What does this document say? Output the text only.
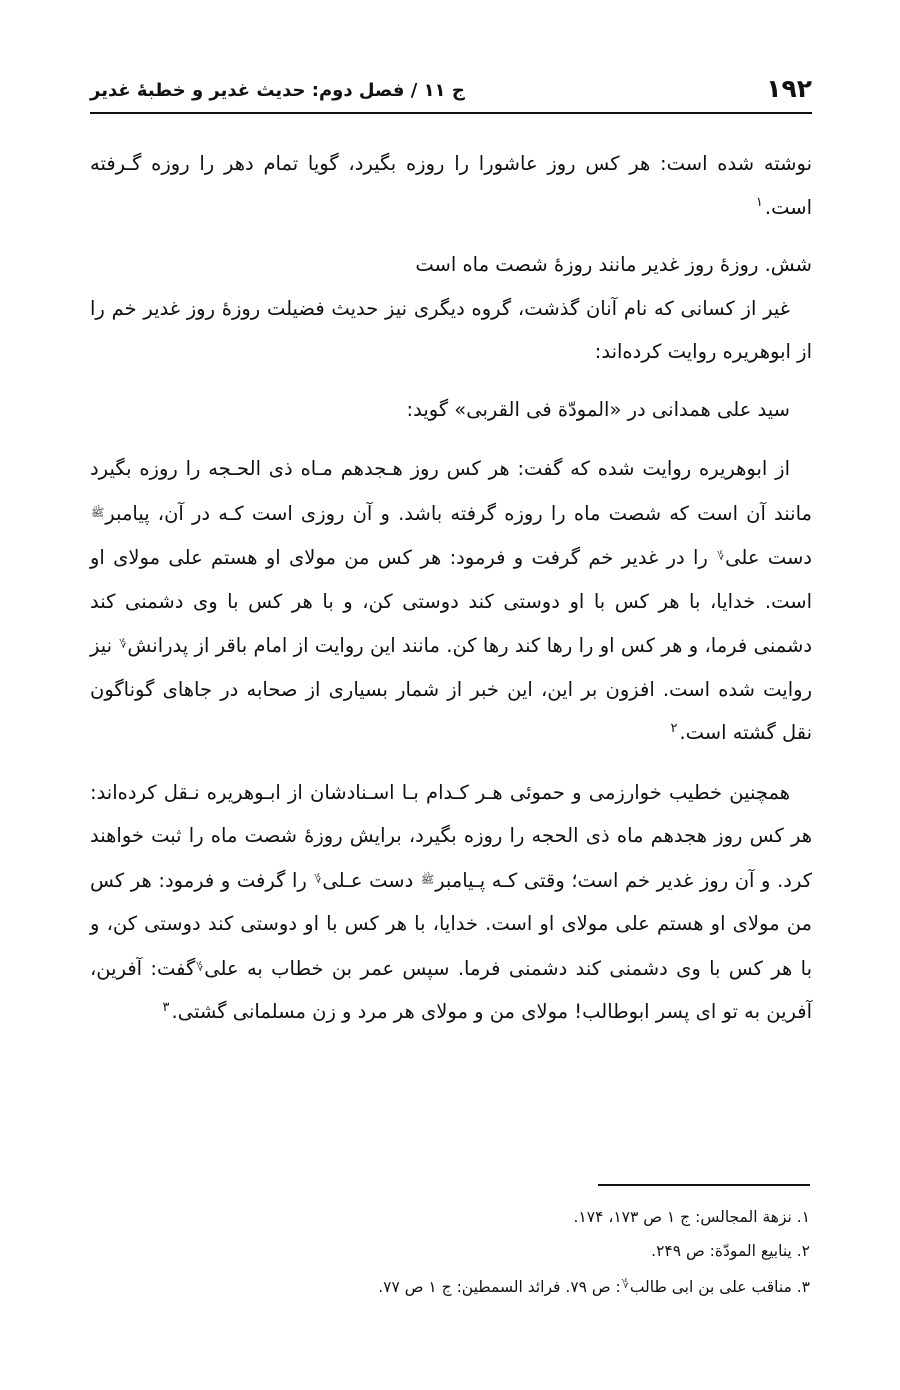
۱۹۲
ج ۱۱ / فصل دوم: حدیث غدیر و خطبهٔ غدیر

نوشته شده است: هر کس روز عاشورا را روزه بگیرد، گویا تمام دهر را روزه گـرفته است.$^۱$

شش. روزهٔ روز غدیر مانند روزهٔ شصت ماه است

غیر از کسانی که نام آنان گذشت، گروه دیگری نیز حدیث فضیلت روزهٔ روز غدیر خم را از ابوهریره روایت کرده‌اند:

سید علی همدانی در «المودّة فی القربی» گوید:

از ابوهریره روایت شده که گفت: هر کس روز هـجدهم مـاه ذی الحـجه را روزه بگیرد مانند آن است که شصت ماه را روزه گرفته باشد. و آن روزی است کـه در آن، پیامبر$^ﷺ$ دست علی؇ را در غدیر خم گرفت و فرمود: هر کس من مولای او هستم علی مولای او است. خدایا، با هر کس با او دوستی کند دوستی کن، و با هر کس با وی دشمنی کند دشمنی فرما، و هر کس او را رها کند رها کن. مانند این روایت از امام باقر از پدرانش؇ نیز روایت شده است. افزون بر این، این خبر از شمار بسیاری از صحابه در جاهای گوناگون نقل گشته است.$^۲$

همچنین خطیب خوارزمی و حموئی هـر کـدام بـا اسـنادشان از ابـوهریره نـقل کرده‌اند: هر کس روز هجدهم ماه ذی الحجه را روزه بگیرد، برایش روزهٔ شصت ماه را ثبت خواهند کرد. و آن روز غدیر خم است؛ وقتی کـه پـیامبر$^ﷺ$ دست عـلی؇ را گرفت و فرمود: هر کس من مولای او هستم علی مولای او است. خدایا، با هر کس با او دوستی کند دوستی کن، و با هر کس با وی دشمنی کند دشمنی فرما. سپس عمر بن خطاب به علی؇گفت: آفرین، آفرین به تو ای پسر ابوطالب! مولای من و مولای هر مرد و زن مسلمانی گشتی.$^۳$

۱. نزهة المجالس: ج ۱ ص ۱۷۳، ۱۷۴.
۲. ینابیع المودّة: ص ۲۴۹.
۳. مناقب علی بن ابی طالب؇: ص ۷۹. فرائد السمطین: ج ۱ ص ۷۷.
